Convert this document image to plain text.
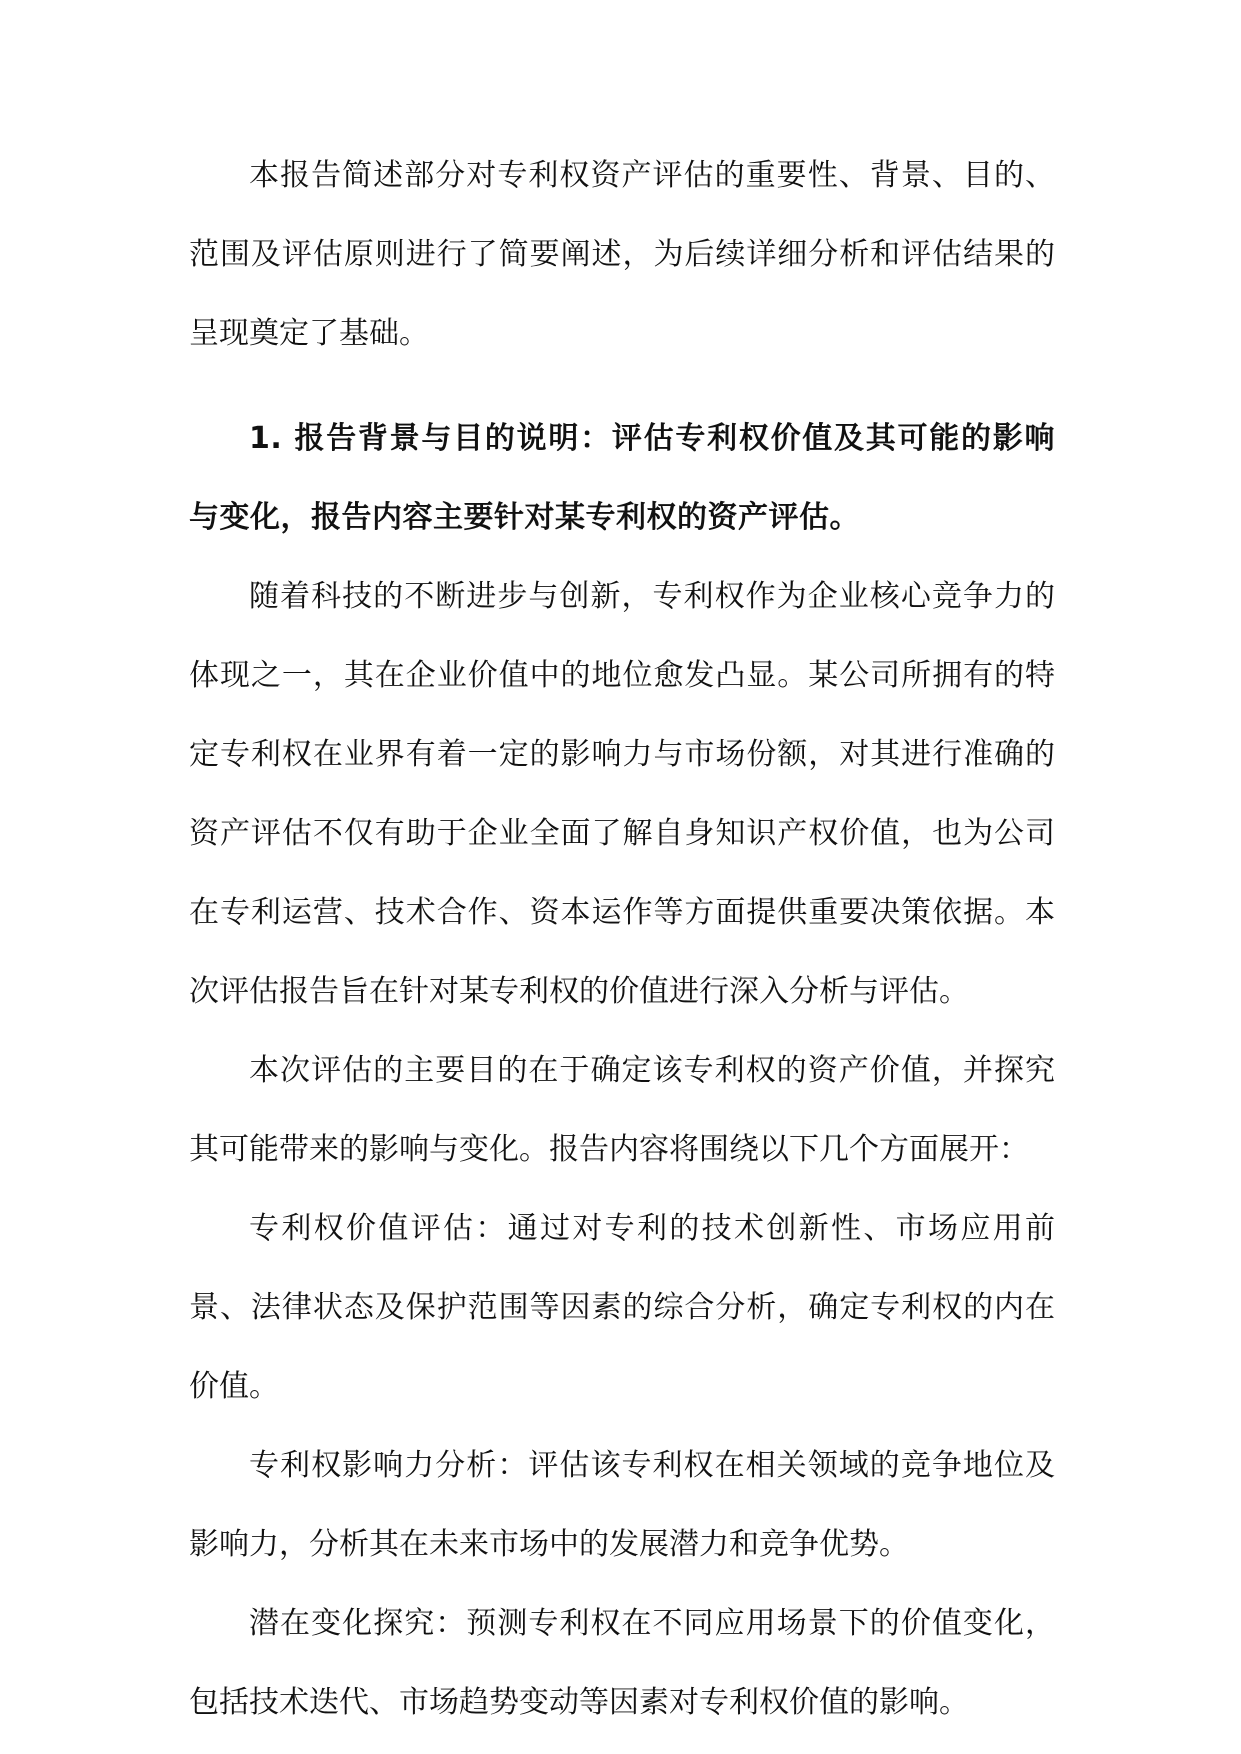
本报告简述部分对专利权资产评估的重要性、背景、目的、范围及评估原则进行了简要阐述，为后续详细分析和评估结果的呈现奠定了基础。

1. 报告背景与目的说明：评估专利权价值及其可能的影响与变化，报告内容主要针对某专利权的资产评估。

随着科技的不断进步与创新，专利权作为企业核心竞争力的体现之一，其在企业价值中的地位愈发凸显。某公司所拥有的特定专利权在业界有着一定的影响力与市场份额，对其进行准确的资产评估不仅有助于企业全面了解自身知识产权价值，也为公司在专利运营、技术合作、资本运作等方面提供重要决策依据。本次评估报告旨在针对某专利权的价值进行深入分析与评估。

本次评估的主要目的在于确定该专利权的资产价值，并探究其可能带来的影响与变化。报告内容将围绕以下几个方面展开：

专利权价值评估：通过对专利的技术创新性、市场应用前景、法律状态及保护范围等因素的综合分析，确定专利权的内在价值。

专利权影响力分析：评估该专利权在相关领域的竞争地位及影响力，分析其在未来市场中的发展潜力和竞争优势。

潜在变化探究：预测专利权在不同应用场景下的价值变化，包括技术迭代、市场趋势变动等因素对专利权价值的影响。
